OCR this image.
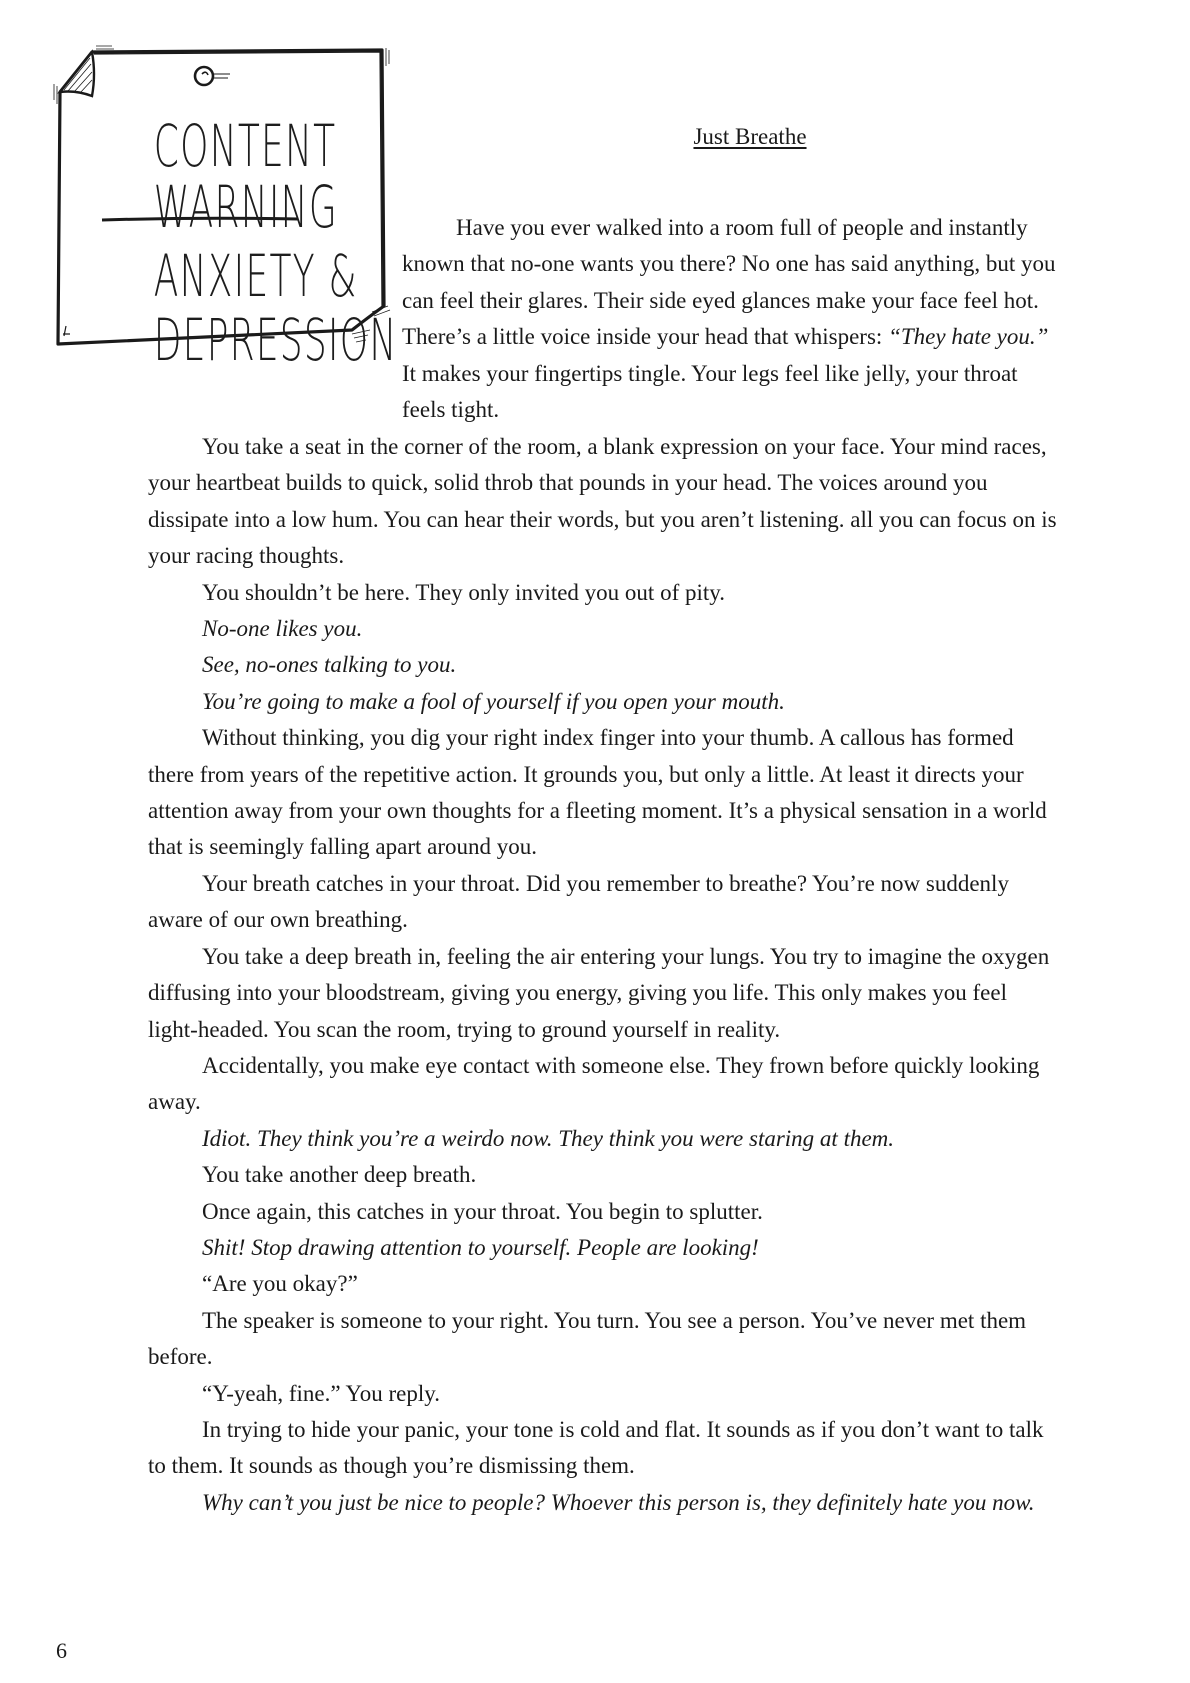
CONTENT
WARNING
ANXIETY &
DEPRESSION
Just Breathe

Have you ever walked into a room full of people and instantly known that no-one wants you there? No one has said anything, but you can feel their glares. Their side eyed glances make your face feel hot. There’s a little voice inside your head that whispers: “They hate you.” It makes your fingertips tingle. Your legs feel like jelly, your throat feels tight.

You take a seat in the corner of the room, a blank expression on your face. Your mind races, your heartbeat builds to quick, solid throb that pounds in your head. The voices around you dissipate into a low hum. You can hear their words, but you aren’t listening. all you can focus on is your racing thoughts.

You shouldn’t be here. They only invited you out of pity.

No-one likes you.

See, no-ones talking to you.

You’re going to make a fool of yourself if you open your mouth.

Without thinking, you dig your right index finger into your thumb. A callous has formed there from years of the repetitive action. It grounds you, but only a little. At least it directs your attention away from your own thoughts for a fleeting moment. It’s a physical sensation in a world that is seemingly falling apart around you.

Your breath catches in your throat. Did you remember to breathe? You’re now suddenly aware of our own breathing.

You take a deep breath in, feeling the air entering your lungs. You try to imagine the oxygen diffusing into your bloodstream, giving you energy, giving you life. This only makes you feel light-headed. You scan the room, trying to ground yourself in reality.

Accidentally, you make eye contact with someone else. They frown before quickly looking away.

Idiot. They think you’re a weirdo now. They think you were staring at them.

You take another deep breath.

Once again, this catches in your throat. You begin to splutter.

Shit! Stop drawing attention to yourself. People are looking!

“Are you okay?”

The speaker is someone to your right. You turn. You see a person. You’ve never met them before.

“Y-yeah, fine.” You reply.

In trying to hide your panic, your tone is cold and flat. It sounds as if you don’t want to talk to them. It sounds as though you’re dismissing them.

Why can’t you just be nice to people? Whoever this person is, they definitely hate you now.

6
